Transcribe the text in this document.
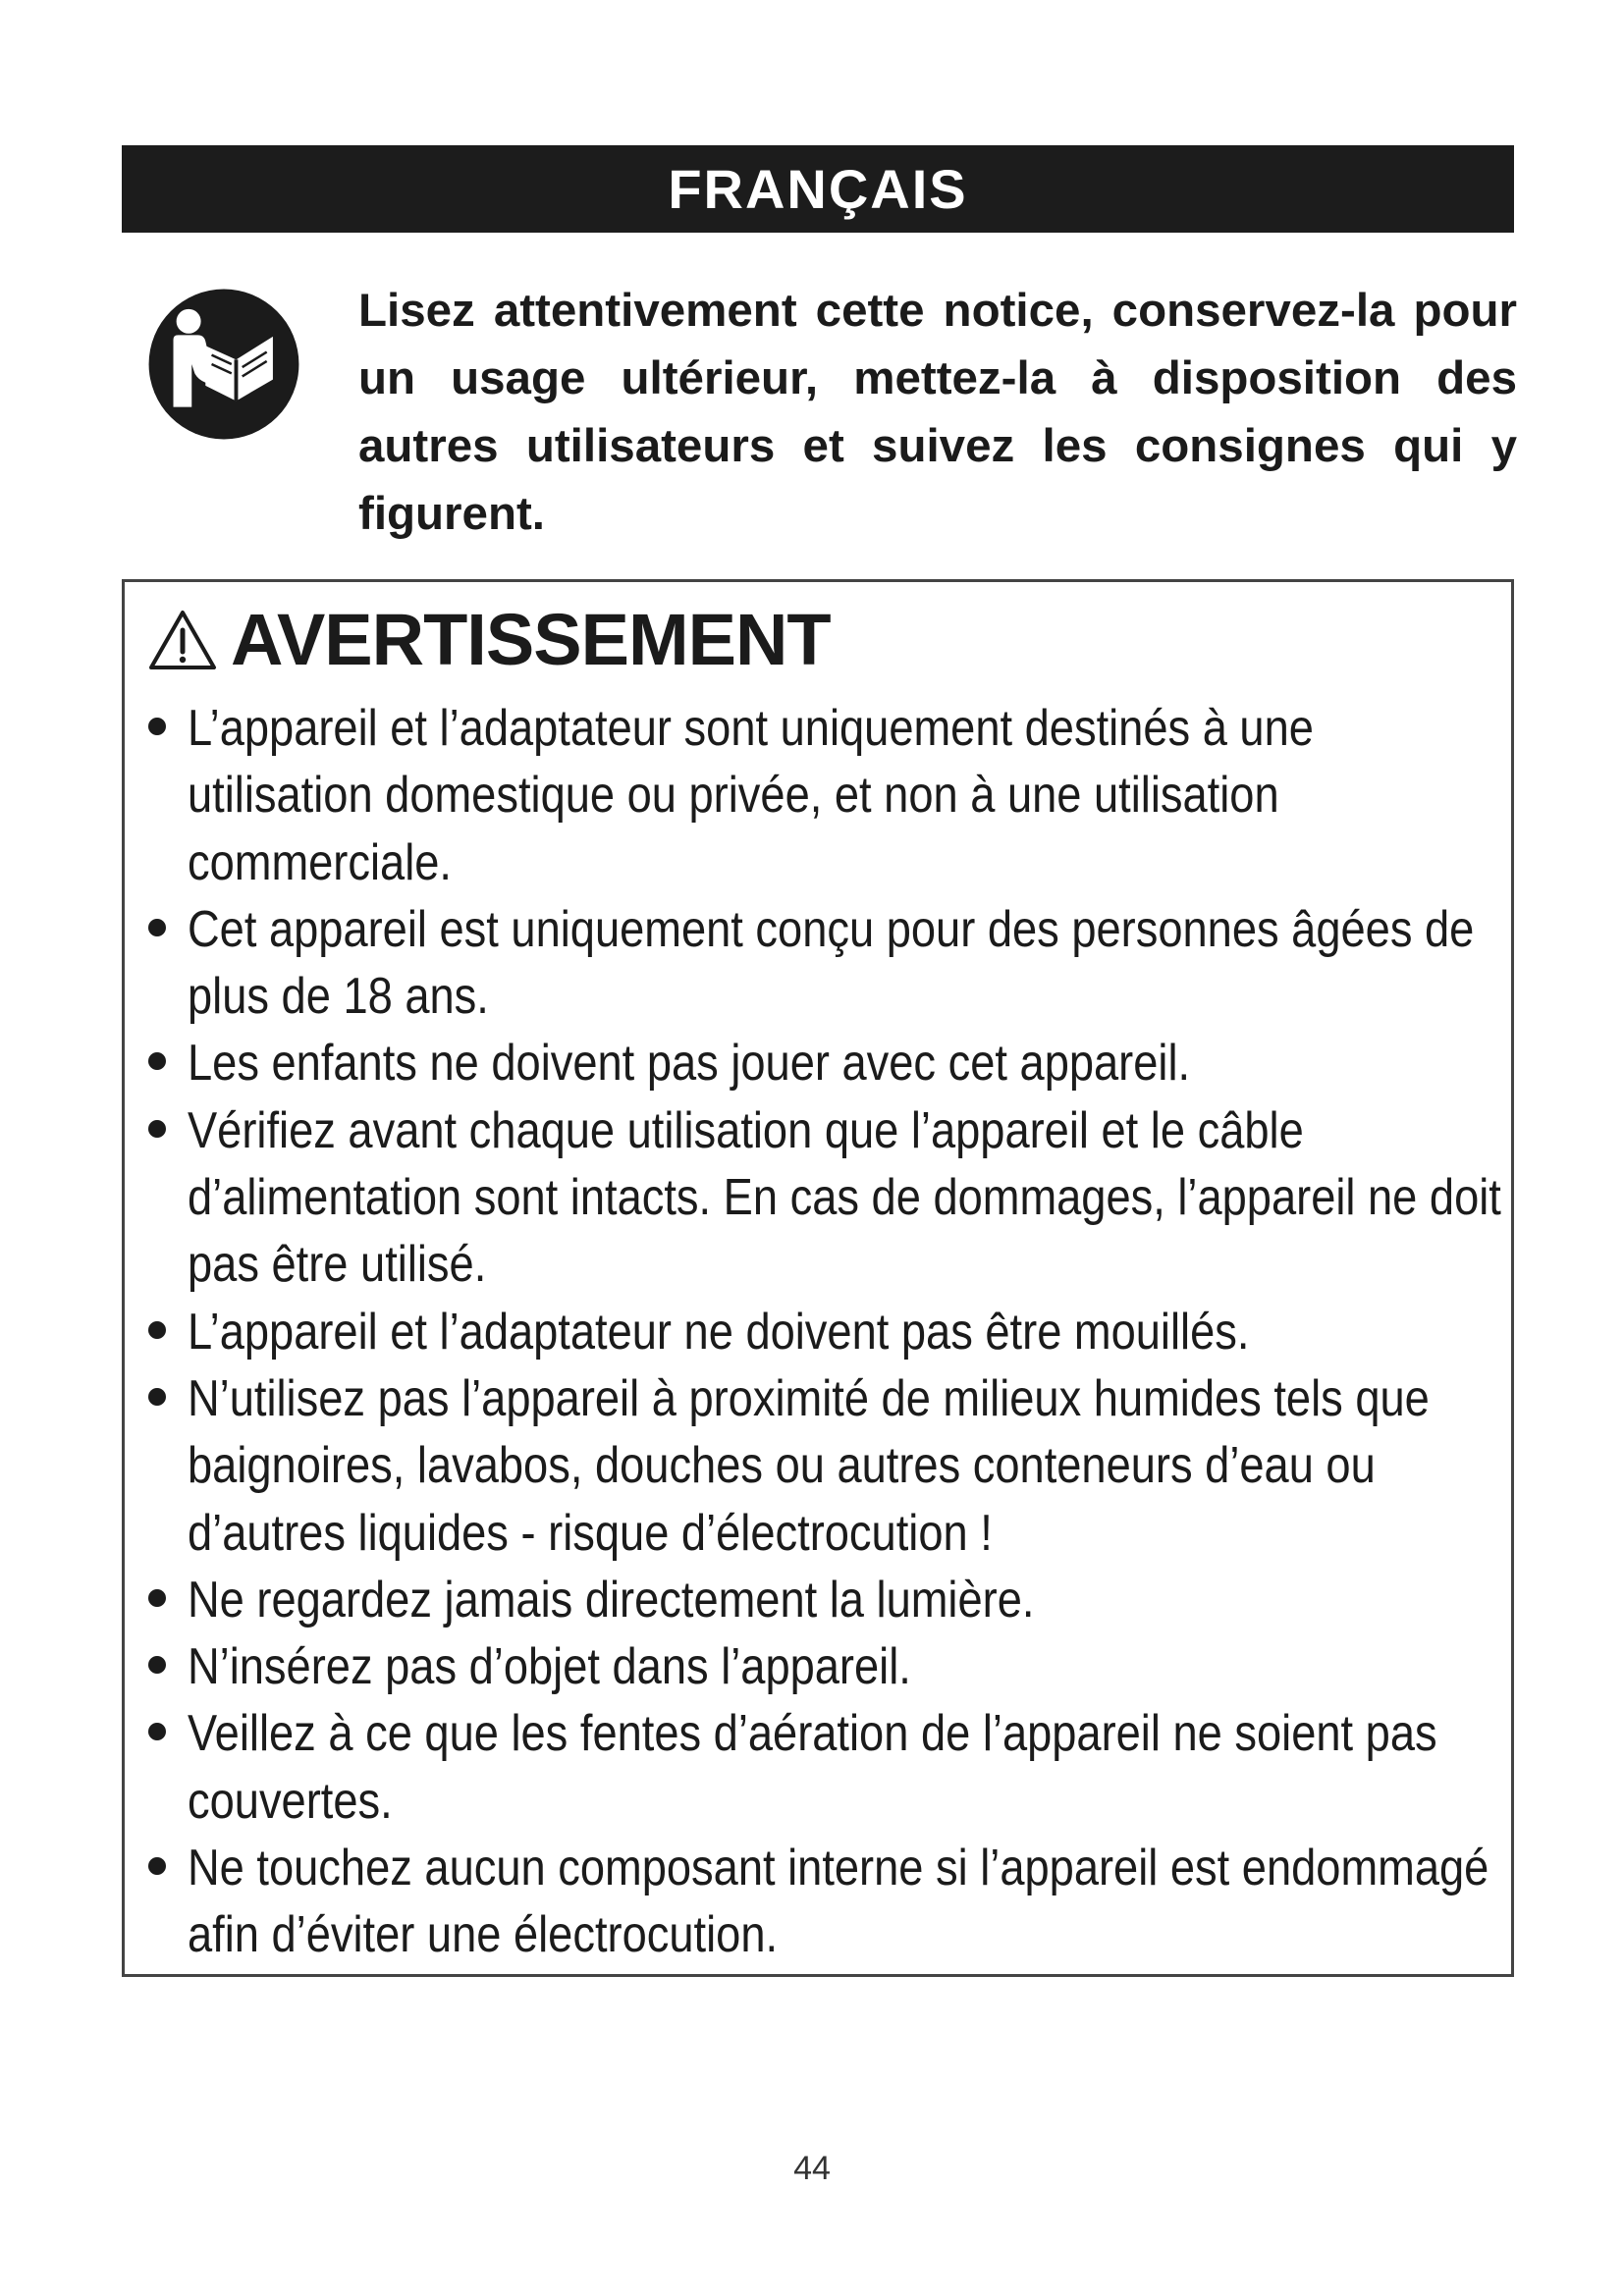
FRANÇAIS
Lisez attentivement cette notice, conservez-la pour un usage ultérieur, mettez-la à disposition des autres utilisateurs et suivez les consignes qui y figurent.
AVERTISSEMENT
L’appareil et l’adaptateur sont uniquement destinés à une utilisation domestique ou privée, et non à une utilisation commerciale.
Cet appareil est uniquement conçu pour des personnes âgées de plus de 18 ans.
Les enfants ne doivent pas jouer avec cet appareil.
Vérifiez avant chaque utilisation que l’appareil et le câble d’alimentation sont intacts. En cas de dommages, l’appareil ne doit pas être utilisé.
L’appareil et l’adaptateur ne doivent pas être mouillés.
N’utilisez pas l’appareil à proximité de milieux humides tels que baignoires, lavabos, douches ou autres conteneurs d’eau ou d’autres liquides - risque d’électrocution !
Ne regardez jamais directement la lumière.
N’insérez pas d’objet dans l’appareil.
Veillez à ce que les fentes d’aération de l’appareil ne soient pas couvertes.
Ne touchez aucun composant interne si l’appareil est endommagé afin d’éviter une électrocution.
44
